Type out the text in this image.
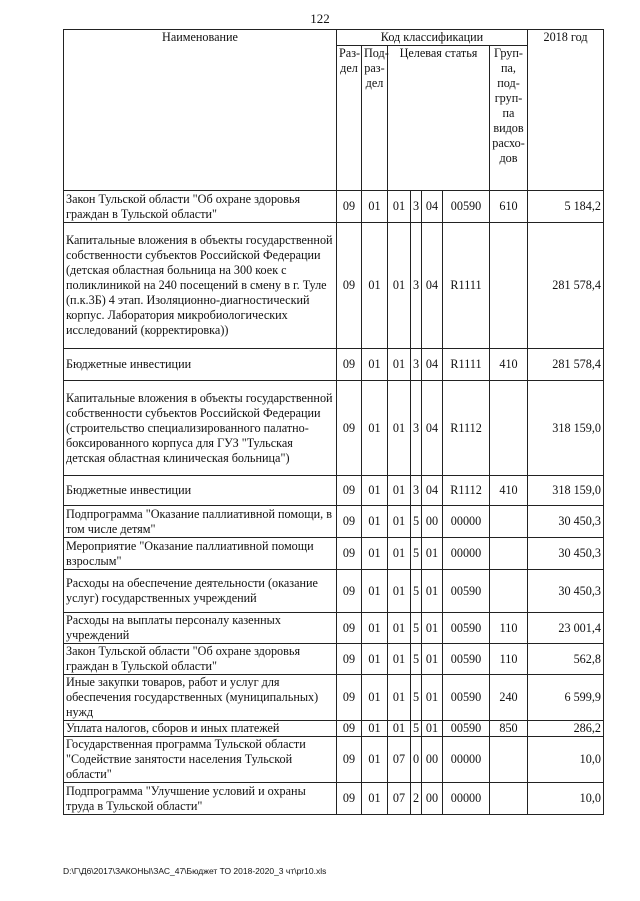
122
Наименование	Код классификации							2018 год
	Раз-дел	Под-раз-дел	Целевая статья				Груп-па, под-груп-па видов расхо-дов	
Закон Тульской области "Об охране здоровья граждан в Тульской области"	09	01	01	3	04	00590	610	5 184,2
Капитальные вложения в объекты государственной собственности субъектов Российской Федерации (детская областная больница на 300 коек с поликлиникой на 240 посещений в смену в г. Туле (п.к.3Б) 4 этап. Изоляционно-диагностический корпус. Лаборатория микробиологических исследований (корректировка))	09	01	01	3	04	R1111		281 578,4
Бюджетные инвестиции	09	01	01	3	04	R1111	410	281 578,4
Капитальные вложения в объекты государственной собственности субъектов Российской Федерации (строительство специализированного палатно-боксированного корпуса для ГУЗ "Тульская детская областная клиническая больница")	09	01	01	3	04	R1112		318 159,0
Бюджетные инвестиции	09	01	01	3	04	R1112	410	318 159,0
Подпрограмма "Оказание паллиативной помощи, в том числе детям"	09	01	01	5	00	00000		30 450,3
Мероприятие "Оказание паллиативной помощи взрослым"	09	01	01	5	01	00000		30 450,3
Расходы на обеспечение деятельности (оказание услуг) государственных учреждений	09	01	01	5	01	00590		30 450,3
Расходы на выплаты персоналу казенных учреждений	09	01	01	5	01	00590	110	23 001,4
Закон Тульской области "Об охране здоровья граждан в Тульской области"	09	01	01	5	01	00590	110	562,8
Иные закупки товаров, работ и услуг для обеспечения государственных (муниципальных) нужд	09	01	01	5	01	00590	240	6 599,9
Уплата налогов, сборов и иных платежей	09	01	01	5	01	00590	850	286,2
Государственная программа Тульской области "Содействие занятости населения Тульской области"	09	01	07	0	00	00000		10,0
Подпрограмма "Улучшение условий и охраны труда в Тульской области"	09	01	07	2	00	00000		10,0
D:\Г\Д6\2017\ЗАКОНЫ\ЗАС_47\Бюджет ТО 2018-2020_3 чт\pr10.xls
